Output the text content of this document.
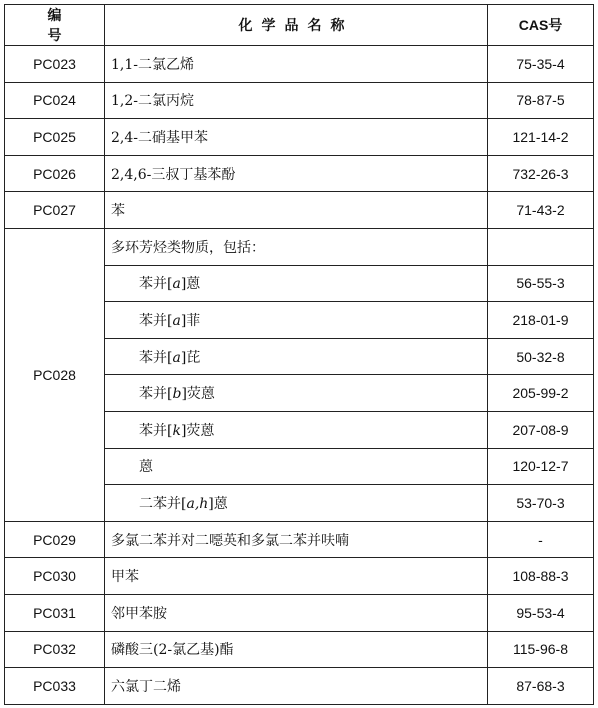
编 号	化学品名称	CAS号
PC023	1,1-二氯乙烯	75-35-4
PC024	1,2-二氯丙烷	78-87-5
PC025	2,4-二硝基甲苯	121-14-2
PC026	2,4,6-三叔丁基苯酚	732-26-3
PC027	苯	71-43-2
PC028	多环芳烃类物质，包括：	
	苯并[a]蒽	56-55-3
	苯并[a]菲	218-01-9
	苯并[a]芘	50-32-8
	苯并[b]荧蒽	205-99-2
	苯并[k]荧蒽	207-08-9
	蒽	120-12-7
	二苯并[a,h]蒽	53-70-3
PC029	多氯二苯并对二噁英和多氯二苯并呋喃	-
PC030	甲苯	108-88-3
PC031	邻甲苯胺	95-53-4
PC032	磷酸三(2-氯乙基)酯	115-96-8
PC033	六氯丁二烯	87-68-3
